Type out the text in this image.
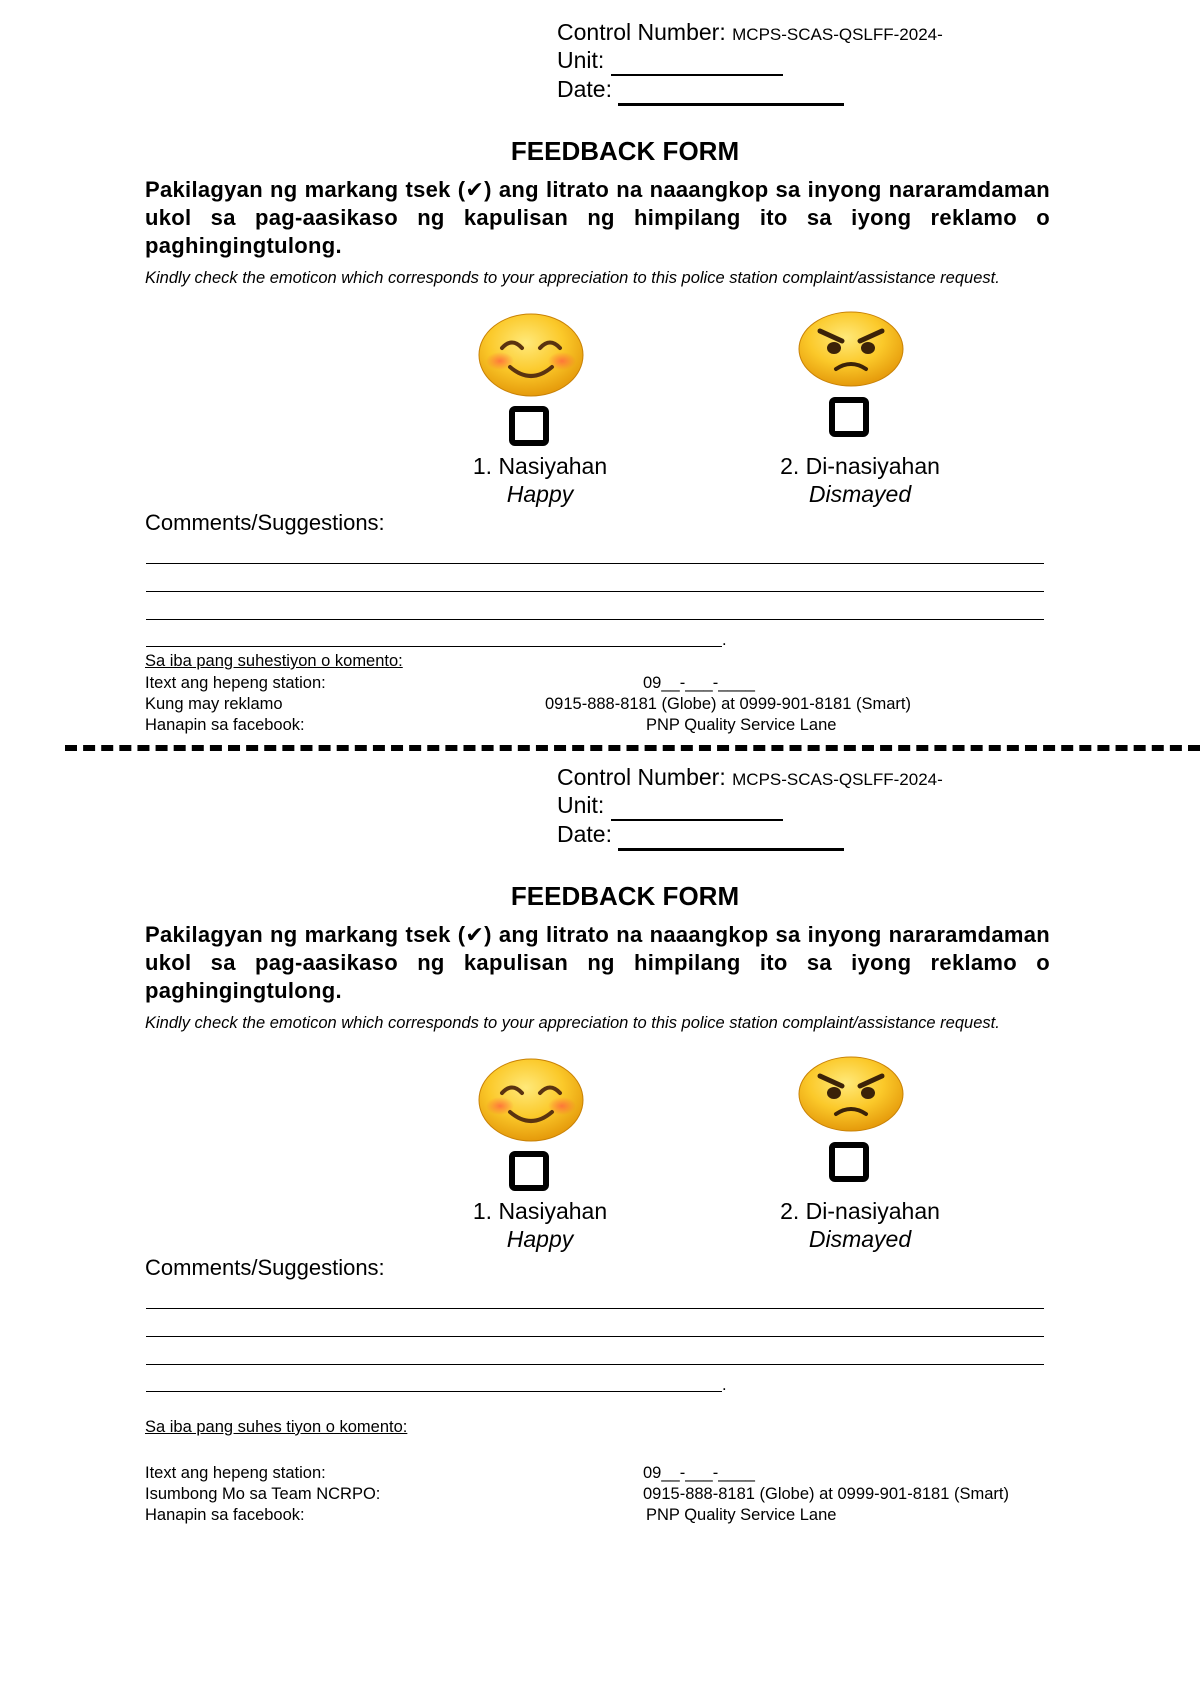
Control Number: MCPS-SCAS-QSLFF-2024-
Unit:
Date:
FEEDBACK FORM
Pakilagyan ng markang tsek (✔) ang litrato na naaangkop sa inyong nararamdaman ukol sa pag-aasikaso ng kapulisan ng himpilang ito sa iyong reklamo o paghingingtulong.
Kindly check the emoticon which corresponds to your appreciation to this police station complaint/assistance request.
1. Nasiyahan
Happy
2. Di-nasiyahan
Dismayed
Comments/Suggestions:
.
Sa iba pang suhestiyon o komento:
Itext ang hepeng station:	09__-___-____
Kung may reklamo	0915-888-8181 (Globe) at 0999-901-8181 (Smart)
Hanapin sa facebook:	PNP Quality Service Lane
Control Number: MCPS-SCAS-QSLFF-2024-
Unit:
Date:
FEEDBACK FORM
Pakilagyan ng markang tsek (✔) ang litrato na naaangkop sa inyong nararamdaman ukol sa pag-aasikaso ng kapulisan ng himpilang ito sa iyong reklamo o paghingingtulong.
Kindly check the emoticon which corresponds to your appreciation to this police station complaint/assistance request.
1. Nasiyahan
Happy
2. Di-nasiyahan
Dismayed
Comments/Suggestions:
.
Sa iba pang suhes tiyon o komento:
Itext ang hepeng station:	09__-___-____
Isumbong Mo sa Team NCRPO:	0915-888-8181 (Globe) at 0999-901-8181 (Smart)
Hanapin sa facebook:	PNP Quality Service Lane
